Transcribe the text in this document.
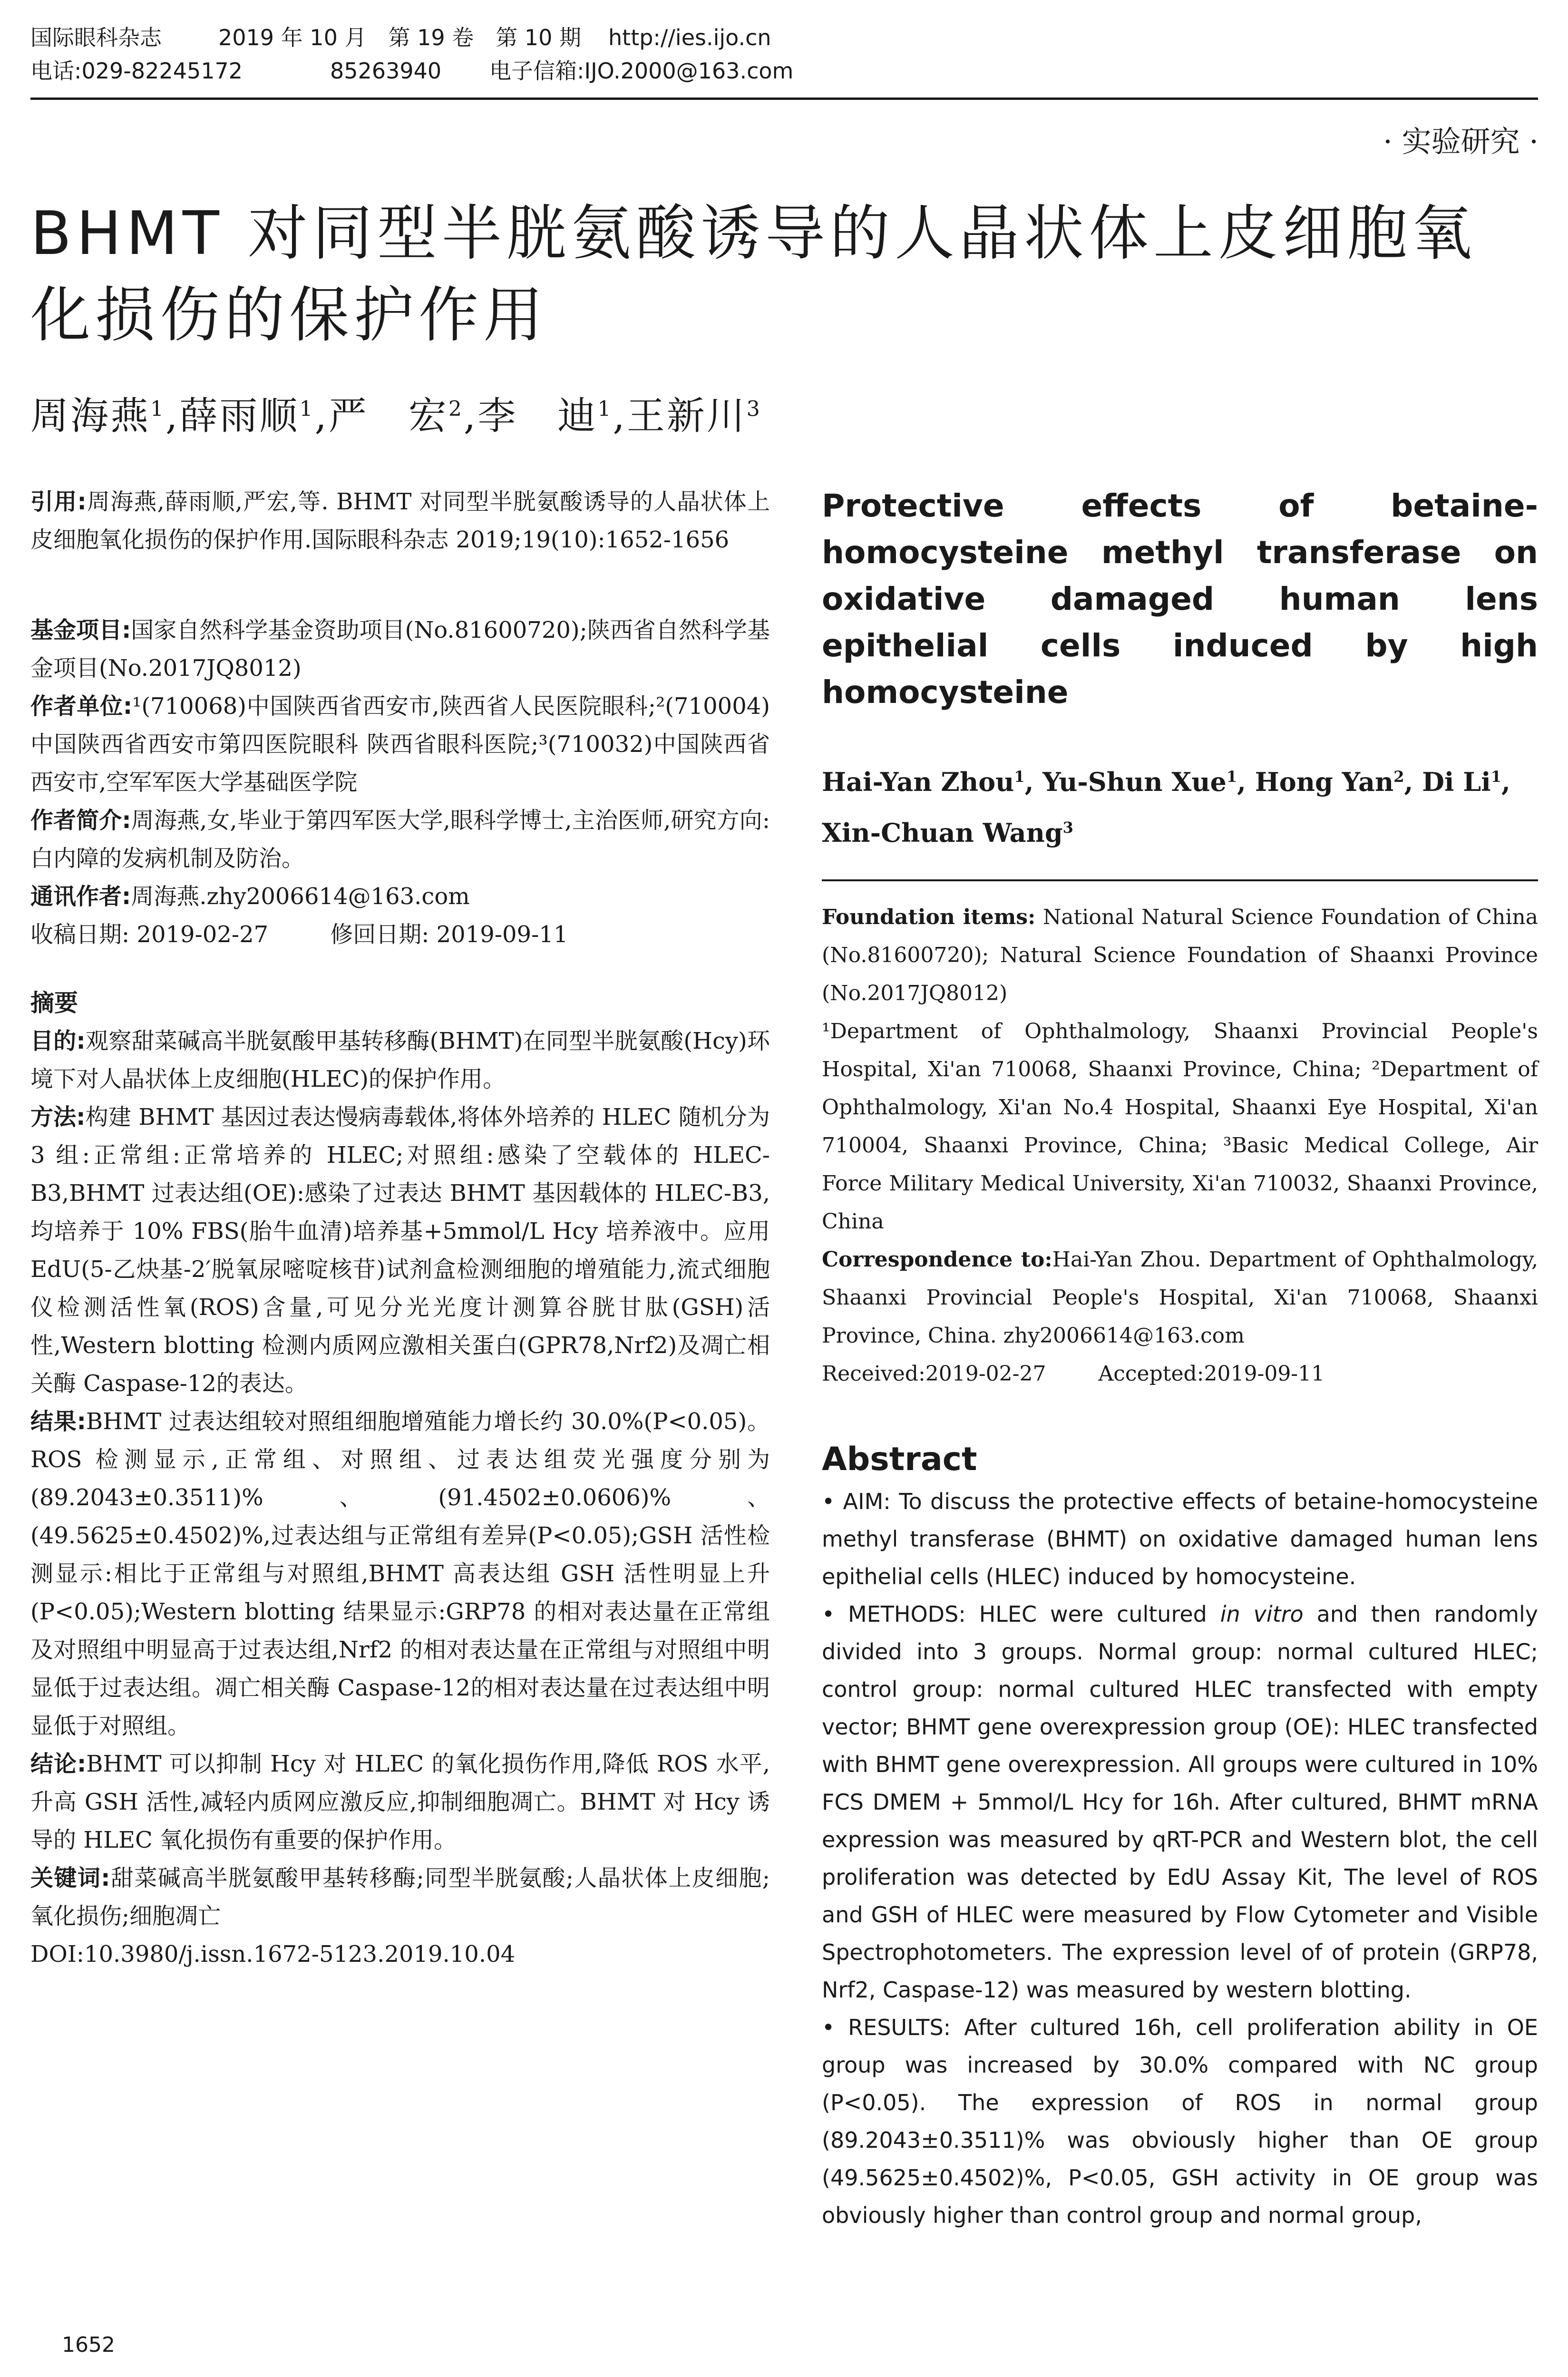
国际眼科杂志	2019 年 10 月　第 19 卷　第 10 期	http://ies.ijo.cn
电话:029-82245172	85263940	电子信箱:IJO.2000@163.com
· 实验研究 ·
BHMT 对同型半胱氨酸诱导的人晶状体上皮细胞氧化损伤的保护作用
周海燕$^1$,薛雨顺$^1$,严　宏$^2$,李　迪$^1$,王新川$^3$

引用:周海燕,薛雨顺,严宏,等. BHMT 对同型半胱氨酸诱导的人晶状体上皮细胞氧化损伤的保护作用.国际眼科杂志 2019;19(10):1652-1656

基金项目:国家自然科学基金资助项目(No.81600720);陕西省自然科学基金项目(No.2017JQ8012)

作者单位:¹(710068)中国陕西省西安市,陕西省人民医院眼科;²(710004)中国陕西省西安市第四医院眼科 陕西省眼科医院;³(710032)中国陕西省西安市,空军军医大学基础医学院

作者简介:周海燕,女,毕业于第四军医大学,眼科学博士,主治医师,研究方向:白内障的发病机制及防治。

通讯作者:周海燕.zhy2006614@163.com

收稿日期: 2019-02-27	修回日期: 2019-09-11

摘要

目的:观察甜菜碱高半胱氨酸甲基转移酶(BHMT)在同型半胱氨酸(Hcy)环境下对人晶状体上皮细胞(HLEC)的保护作用。

方法:构建 BHMT 基因过表达慢病毒载体,将体外培养的 HLEC 随机分为 3 组:正常组:正常培养的 HLEC;对照组:感染了空载体的 HLEC-B3,BHMT 过表达组(OE):感染了过表达 BHMT 基因载体的 HLEC-B3,均培养于 10% FBS(胎牛血清)培养基+5mmol/L Hcy 培养液中。应用 EdU(5-乙炔基-2′脱氧尿嘧啶核苷)试剂盒检测细胞的增殖能力,流式细胞仪检测活性氧(ROS)含量,可见分光光度计测算谷胱甘肽(GSH)活性,Western blotting 检测内质网应激相关蛋白(GPR78,Nrf2)及凋亡相关酶 Caspase-12的表达。

结果:BHMT 过表达组较对照组细胞增殖能力增长约 30.0%(P<0.05)。ROS 检测显示,正常组、对照组、过表达组荧光强度分别为(89.2043±0.3511)%、(91.4502±0.0606)%、(49.5625±0.4502)%,过表达组与正常组有差异(P<0.05);GSH 活性检测显示:相比于正常组与对照组,BHMT 高表达组 GSH 活性明显上升(P<0.05);Western blotting 结果显示:GRP78 的相对表达量在正常组及对照组中明显高于过表达组,Nrf2 的相对表达量在正常组与对照组中明显低于过表达组。凋亡相关酶 Caspase-12的相对表达量在过表达组中明显低于对照组。

结论:BHMT 可以抑制 Hcy 对 HLEC 的氧化损伤作用,降低 ROS 水平,升高 GSH 活性,减轻内质网应激反应,抑制细胞凋亡。BHMT 对 Hcy 诱导的 HLEC 氧化损伤有重要的保护作用。

关键词:甜菜碱高半胱氨酸甲基转移酶;同型半胱氨酸;人晶状体上皮细胞;氧化损伤;细胞凋亡

DOI:10.3980/j.issn.1672-5123.2019.10.04

Protective effects of betaine-homocysteine methyl transferase on oxidative damaged human lens epithelial cells induced by high homocysteine

Hai-Yan Zhou$^1$, Yu-Shun Xue$^1$, Hong Yan$^2$, Di Li$^1$, Xin-Chuan Wang$^3$

Foundation items: National Natural Science Foundation of China (No.81600720); Natural Science Foundation of Shaanxi Province (No.2017JQ8012)

¹Department of Ophthalmology, Shaanxi Provincial People's Hospital, Xi'an 710068, Shaanxi Province, China; ²Department of Ophthalmology, Xi'an No.4 Hospital, Shaanxi Eye Hospital, Xi'an 710004, Shaanxi Province, China; ³Basic Medical College, Air Force Military Medical University, Xi'an 710032, Shaanxi Province, China

Correspondence to:Hai-Yan Zhou. Department of Ophthalmology, Shaanxi Provincial People's Hospital, Xi'an 710068, Shaanxi Province, China. zhy2006614@163.com

Received:2019-02-27	Accepted:2019-09-11

Abstract

• AIM: To discuss the protective effects of betaine-homocysteine methyl transferase (BHMT) on oxidative damaged human lens epithelial cells (HLEC) induced by homocysteine.

• METHODS: HLEC were cultured in vitro and then randomly divided into 3 groups. Normal group: normal cultured HLEC; control group: normal cultured HLEC transfected with empty vector; BHMT gene overexpression group (OE): HLEC transfected with BHMT gene overexpression. All groups were cultured in 10% FCS DMEM + 5mmol/L Hcy for 16h. After cultured, BHMT mRNA expression was measured by qRT-PCR and Western blot, the cell proliferation was detected by EdU Assay Kit, The level of ROS and GSH of HLEC were measured by Flow Cytometer and Visible Spectrophotometers. The expression level of of protein (GRP78, Nrf2, Caspase-12) was measured by western blotting.

• RESULTS: After cultured 16h, cell proliferation ability in OE group was increased by 30.0% compared with NC group (P<0.05). The expression of ROS in normal group (89.2043±0.3511)% was obviously higher than OE group (49.5625±0.4502)%, P<0.05, GSH activity in OE group was obviously higher than control group and normal group,

1652
